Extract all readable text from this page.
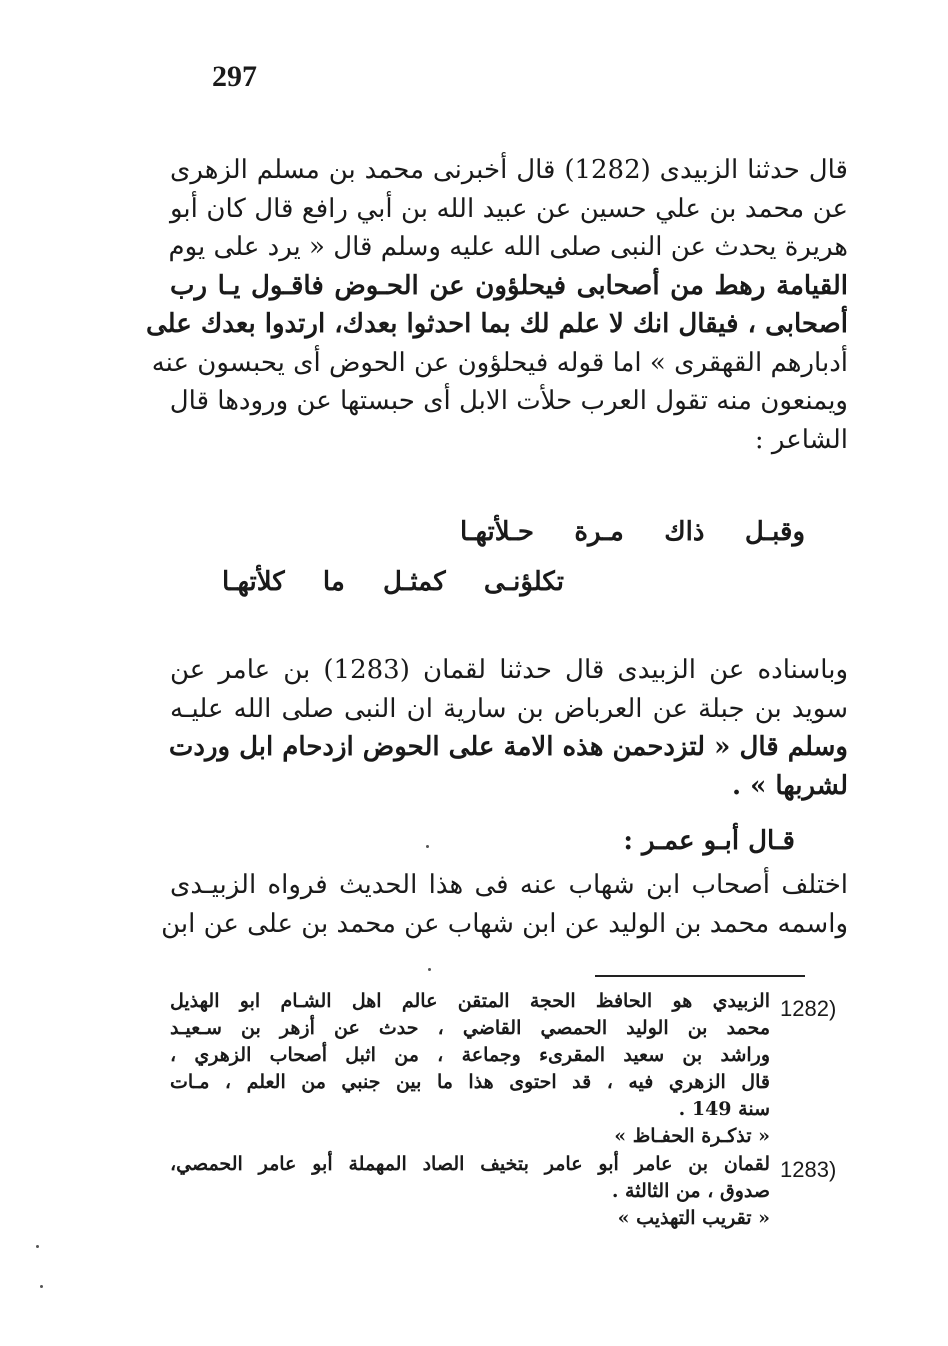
297
قال حدثنا الزبيدى (1282) قال أخبرنى محمد بن مسلم الزهرى
عن محمد بن علي حسين عن عبيد الله بن أبي رافع قال كان أبو
هريرة يحدث عن النبى صلى الله عليه وسلم قال « يرد على يوم
القيامة رهط من أصحابى فيحلؤون عن الحـوض فاقـول يـا رب
أصحابى ، فيقال انك لا علم لك بما احدثوا بعدك، ارتدوا بعدك على
أدبارهم القهقرى » اما قوله فيحلؤون عن الحوض أى يحبسون عنه
ويمنعون منه تقول العرب حلأت الابل أى حبستها عن ورودها قال
الشاعر :
وقبـل ذاك مـرة حـلأتهـا
تكلؤنـى كمثـل ما كلأتهـا
وباسناده عن الزبيدى قال حدثنا لقمان (1283) بن عامر عن
سويد بن جبلة عن العرباض بن سارية ان النبى صلى الله عليـه
وسلم قال « لتزدحمن هذه الامة على الحوض ازدحام ابل وردت
لشربها » .
قـال أبـو عمـر :
اختلف أصحاب ابن شهاب عنه فى هذا الحديث فرواه الزبيـدى
واسمه محمد بن الوليد عن ابن شهاب عن محمد بن على عن ابن
1282)
الزبيدي هو الحافظ الحجة المتقن عالم اهل الشـام ابو الهذيل
محمد بن الوليد الحمصي القاضي ، حدث عن أزهر بن سـعيـد
وراشد بن سعيد المقرىء وجماعة ، من اثبل أصحاب الزهري ،
قال الزهري فيه ، قد احتوى هذا ما بين جنبي من العلم ، مـات
سنة 149 .
« تذكـرة الحفـاظ »
1283)
لقمان بن عامر أبو عامر بتخيف الصاد المهملة أبو عامر الحمصي،
صدوق ، من الثالثة .
« تقريب التهذيب »
